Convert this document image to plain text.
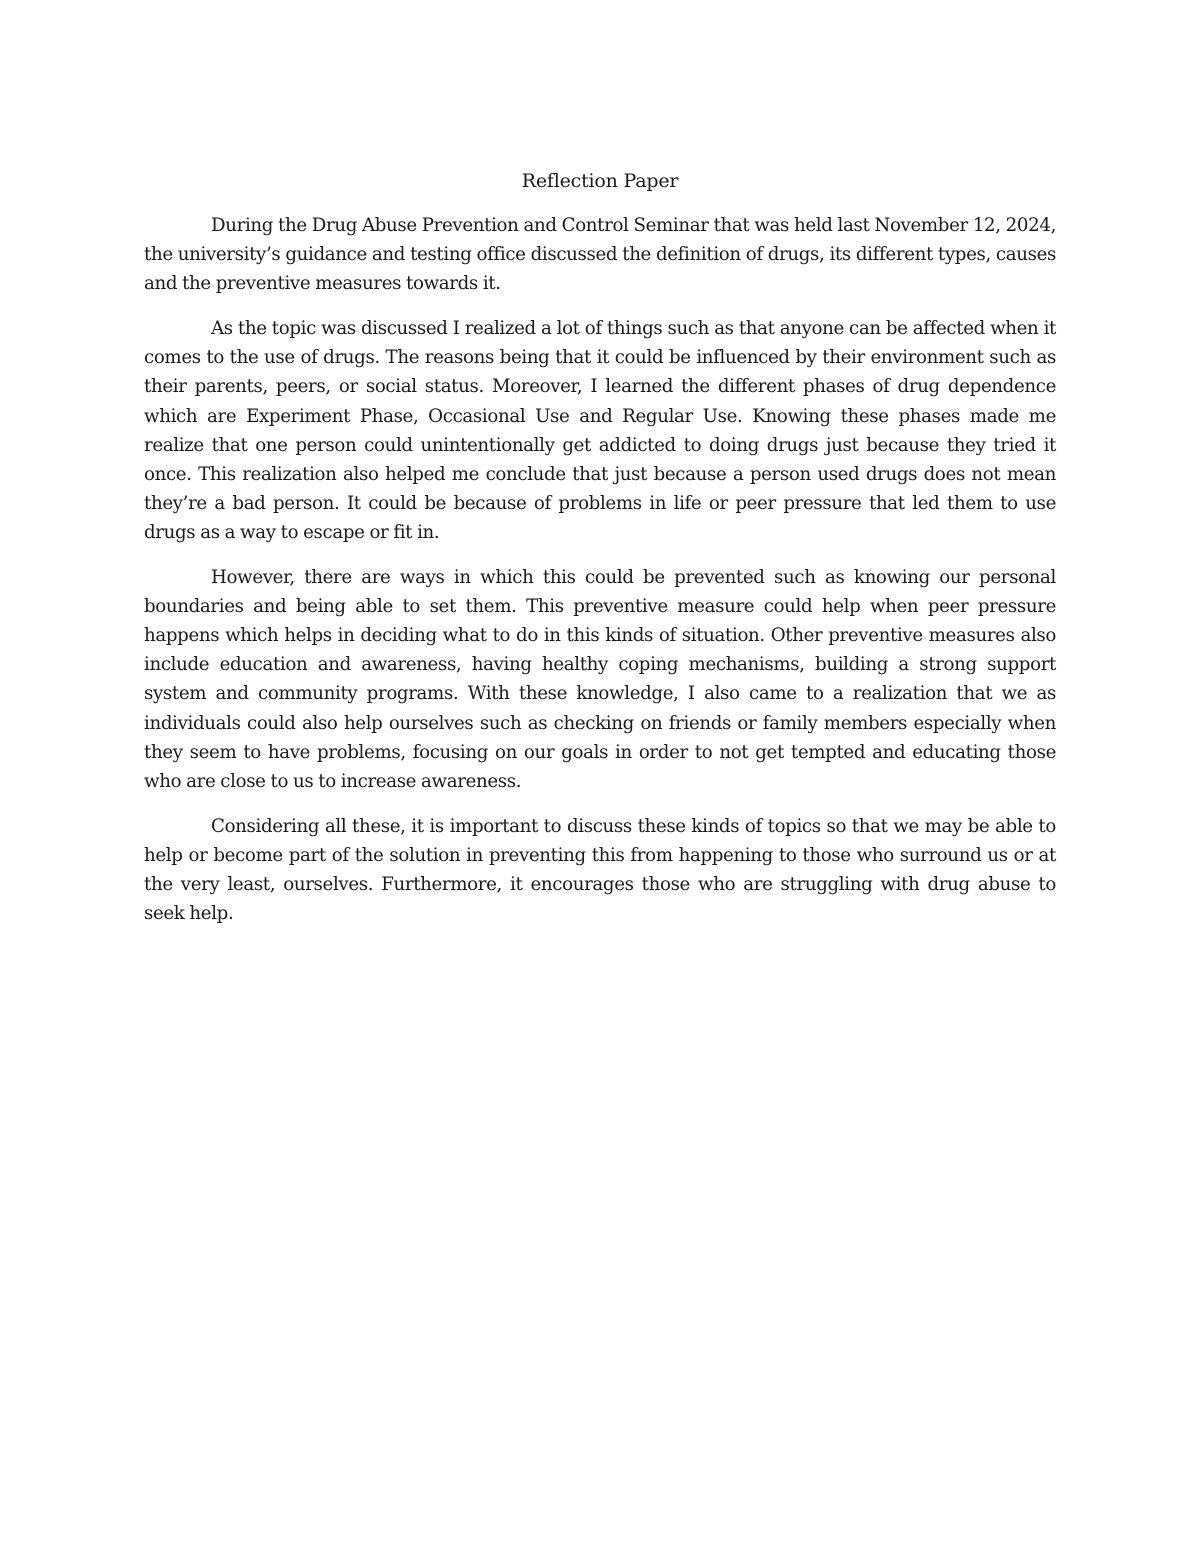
Reflection Paper

During the Drug Abuse Prevention and Control Seminar that was held last November 12, 2024, the university’s guidance and testing office discussed the definition of drugs, its different types, causes and the preventive measures towards it.

As the topic was discussed I realized a lot of things such as that anyone can be affected when it comes to the use of drugs. The reasons being that it could be influenced by their environment such as their parents, peers, or social status. Moreover, I learned the different phases of drug dependence which are Experiment Phase, Occasional Use and Regular Use. Knowing these phases made me realize that one person could unintentionally get addicted to doing drugs just because they tried it once. This realization also helped me conclude that just because a person used drugs does not mean they’re a bad person. It could be because of problems in life or peer pressure that led them to use drugs as a way to escape or fit in.

However, there are ways in which this could be prevented such as knowing our personal boundaries and being able to set them. This preventive measure could help when peer pressure happens which helps in deciding what to do in this kinds of situation. Other preventive measures also include education and awareness, having healthy coping mechanisms, building a strong support system and community programs. With these knowledge, I also came to a realization that we as individuals could also help ourselves such as checking on friends or family members especially when they seem to have problems, focusing on our goals in order to not get tempted and educating those who are close to us to increase awareness.

Considering all these, it is important to discuss these kinds of topics so that we may be able to help or become part of the solution in preventing this from happening to those who surround us or at the very least, ourselves. Furthermore, it encourages those who are struggling with drug abuse to seek help.
